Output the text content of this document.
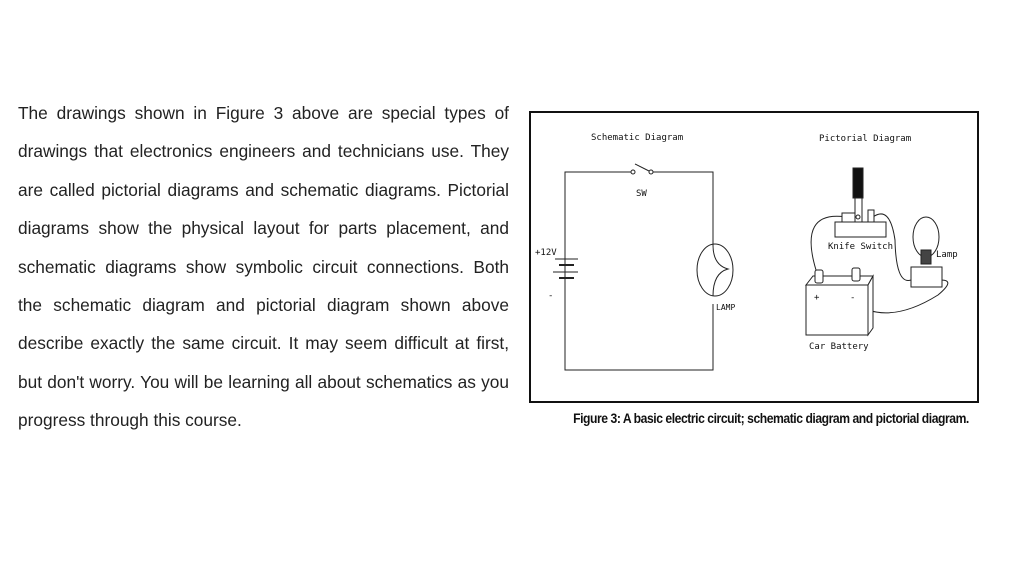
The drawings shown in Figure 3 above are special types of drawings that electronics engineers and technicians use. They are called pictorial diagrams and schematic diagrams. Pictorial diagrams show the physical layout for parts placement, and schematic diagrams show symbolic circuit connections. Both the schematic diagram and pictorial diagram shown above describe exactly the same circuit. It may seem difficult at first, but don't worry. You will be learning all about schematics as you progress through this course.

Schematic Diagram	Pictorial Diagram
SW
+12V
-
LAMP
Knife Switch
Lamp
+	-
Car Battery
Figure 3: A basic electric circuit; schematic diagram and pictorial diagram.
